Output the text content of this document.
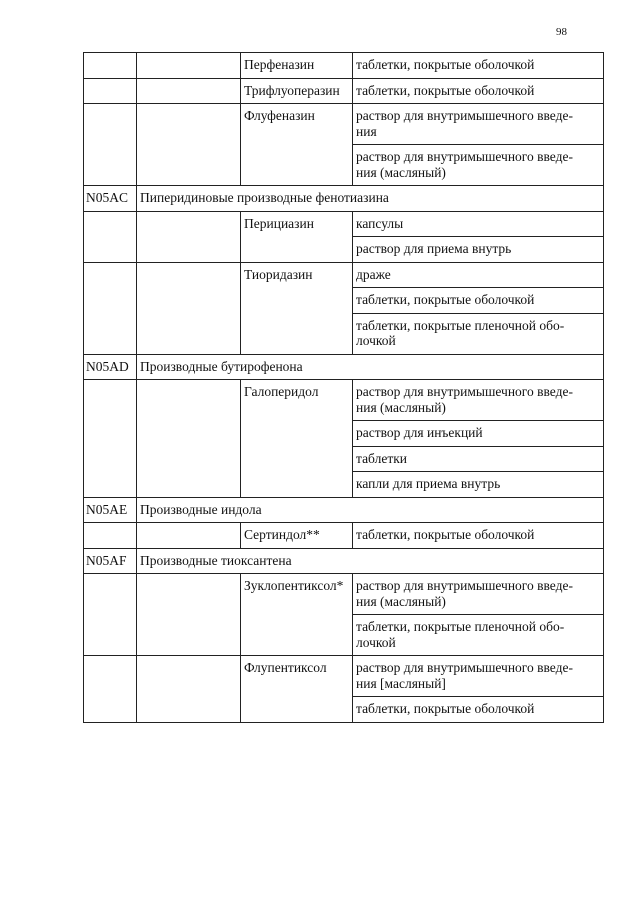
98
		Перфеназин	таблетки, покрытые оболочкой
		Трифлуоперазин	таблетки, покрытые оболочкой
		Флуфеназин	раствор для внутримышечного введе-
ния
			раствор для внутримышечного введе-
ния (масляный)
N05AC	Пиперидиновые производные фенотиазина		
		Перициазин	капсулы
			раствор для приема внутрь
		Тиоридазин	драже
			таблетки, покрытые оболочкой
			таблетки, покрытые пленочной обо-
лочкой
N05AD	Производные бутирофенона		
		Галоперидол	раствор для внутримышечного введе-
ния (масляный)
			раствор для инъекций
			таблетки
			капли для приема внутрь
N05AE	Производные индола		
		Сертиндол**	таблетки, покрытые оболочкой
N05AF	Производные тиоксантена		
		Зуклопентиксол*	раствор для внутримышечного введе-
ния (масляный)
			таблетки, покрытые пленочной обо-
лочкой
		Флупентиксол	раствор для внутримышечного введе-
ния [масляный]
			таблетки, покрытые оболочкой
